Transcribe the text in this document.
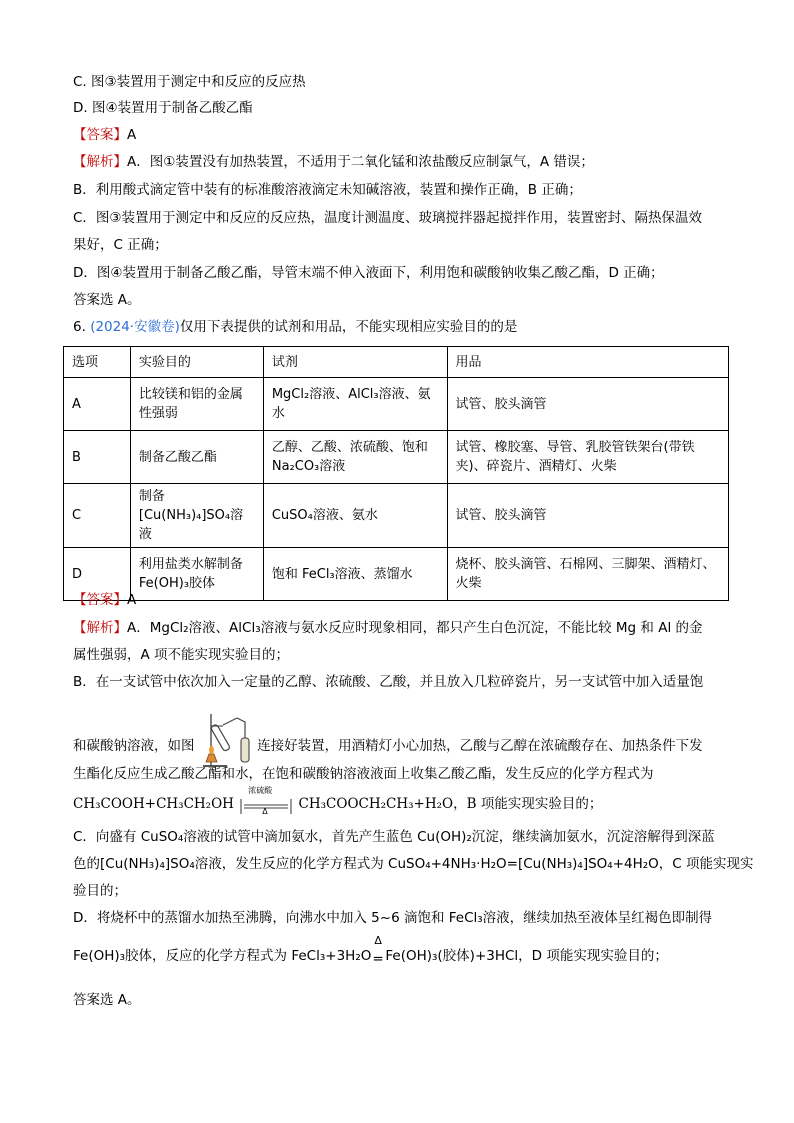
C. 图③装置用于测定中和反应的反应热
D. 图④装置用于制备乙酸乙酯
【答案】A
【解析】A．图①装置没有加热装置，不适用于二氧化锰和浓盐酸反应制氯气，A 错误；
B．利用酸式滴定管中装有的标准酸溶液滴定未知碱溶液，装置和操作正确，B 正确；
C．图③装置用于测定中和反应的反应热，温度计测温度、玻璃搅拌器起搅拌作用，装置密封、隔热保温效
果好，C 正确；
D．图④装置用于制备乙酸乙酯，导管末端不伸入液面下，利用饱和碳酸钠收集乙酸乙酯，D 正确；
答案选 A。
6. (2024·安徽卷)仅用下表提供的试剂和用品，不能实现相应实验目的的是
选项	实验目的	试剂	用品
A	比较镁和铝的金属性强弱	MgCl₂溶液、AlCl₃溶液、氨水	试管、胶头滴管
B	制备乙酸乙酯	乙醇、乙酸、浓硫酸、饱和Na₂CO₃溶液	试管、橡胶塞、导管、乳胶管铁架台(带铁夹)、碎瓷片、酒精灯、火柴
C	制备[Cu(NH₃)₄]SO₄溶液	CuSO₄溶液、氨水	试管、胶头滴管
D	利用盐类水解制备Fe(OH)₃胶体	饱和 FeCl₃溶液、蒸馏水	烧杯、胶头滴管、石棉网、三脚架、酒精灯、火柴
【答案】A
【解析】A．MgCl₂溶液、AlCl₃溶液与氨水反应时现象相同，都只产生白色沉淀，不能比较 Mg 和 Al 的金
属性强弱，A 项不能实现实验目的；
B．在一支试管中依次加入一定量的乙醇、浓硫酸、乙酸，并且放入几粒碎瓷片，另一支试管中加入适量饱
和碳酸钠溶液，如图	连接好装置，用酒精灯小心加热，乙酸与乙醇在浓硫酸存在、加热条件下发
生酯化反应生成乙酸乙酯和水，在饱和碳酸钠溶液液面上收集乙酸乙酯，发生反应的化学方程式为
CH₃COOH+CH₃CH₂OH
浓硫酸
Δ CH₃COOCH₂CH₃+H₂O，B 项能实现实验目的；
C．向盛有 CuSO₄溶液的试管中滴加氨水，首先产生蓝色 Cu(OH)₂沉淀，继续滴加氨水，沉淀溶解得到深蓝
色的[Cu(NH₃)₄]SO₄溶液，发生反应的化学方程式为 CuSO₄+4NH₃·H₂O=[Cu(NH₃)₄]SO₄+4H₂O，C 项能实现实
验目的；
D．将烧杯中的蒸馏水加热至沸腾，向沸水中加入 5~6 滴饱和 FeCl₃溶液，继续加热至液体呈红褐色即制得
Fe(OH)₃胶体，反应的化学方程式为 FeCl₃+3H₂O
Δ
= Fe(OH)₃(胶体)+3HCl，D 项能实现实验目的；
答案选 A。
